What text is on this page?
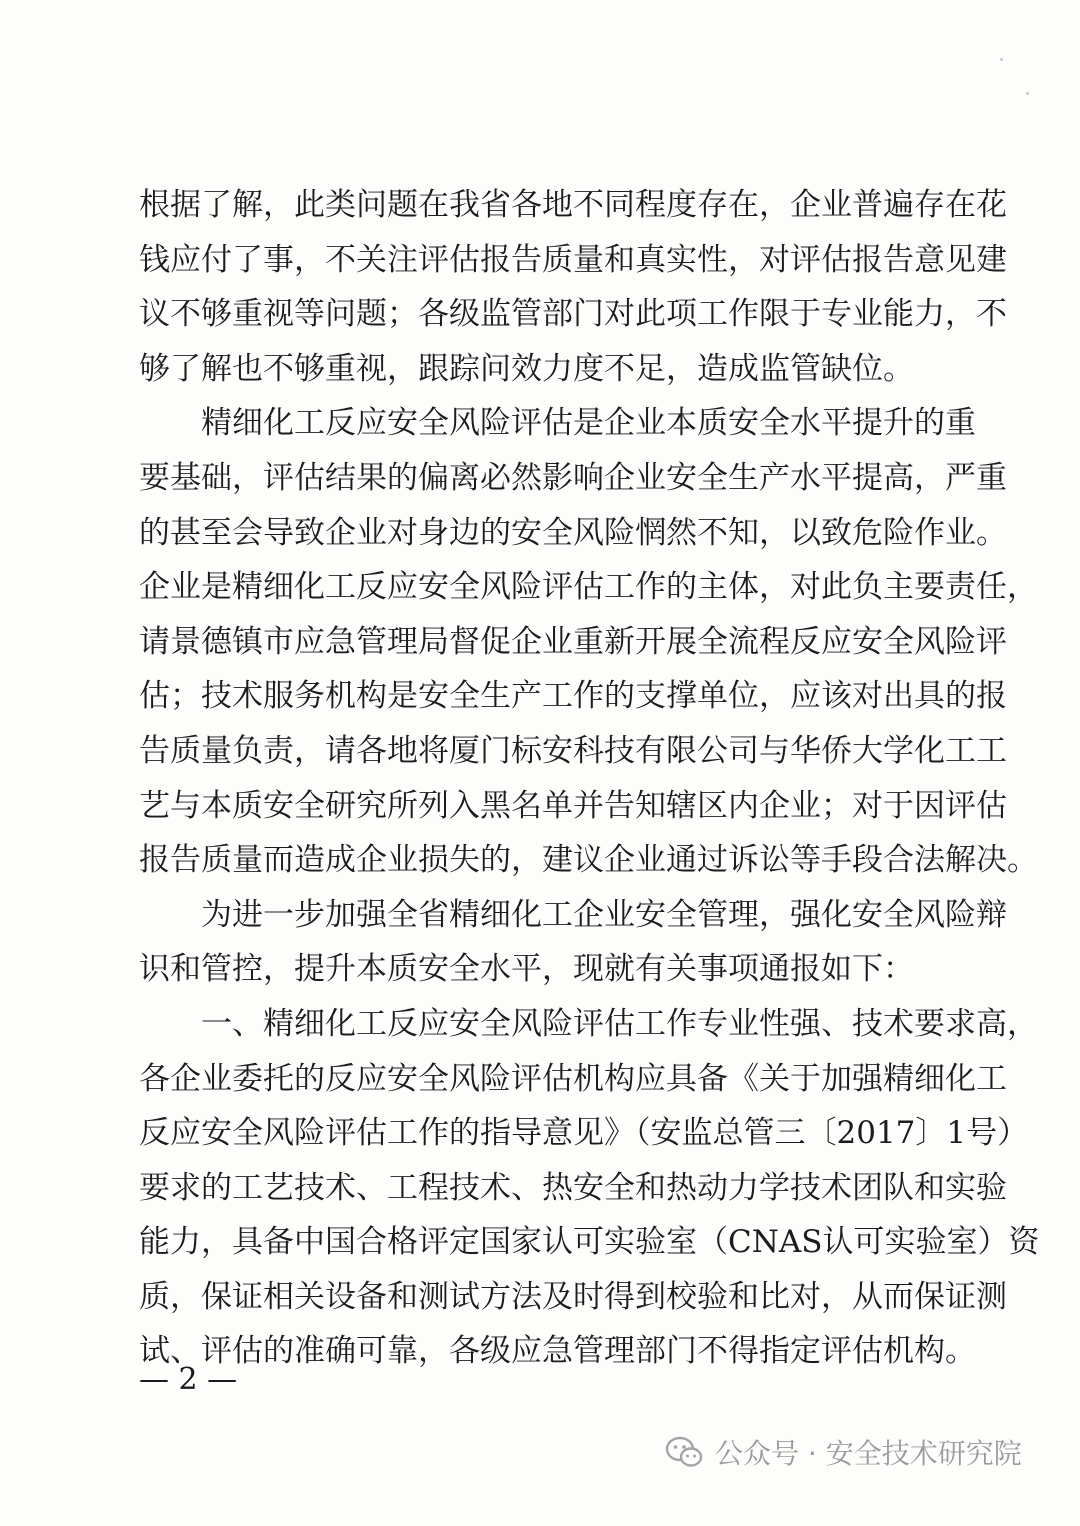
根据了解，此类问题在我省各地不同程度存在，企业普遍存在花
钱应付了事，不关注评估报告质量和真实性，对评估报告意见建
议不够重视等问题；各级监管部门对此项工作限于专业能力，不
够了解也不够重视，跟踪问效力度不足，造成监管缺位。
精细化工反应安全风险评估是企业本质安全水平提升的重
要基础，评估结果的偏离必然影响企业安全生产水平提高，严重
的甚至会导致企业对身边的安全风险惘然不知，以致危险作业。
企业是精细化工反应安全风险评估工作的主体，对此负主要责任，
请景德镇市应急管理局督促企业重新开展全流程反应安全风险评
估；技术服务机构是安全生产工作的支撑单位，应该对出具的报
告质量负责，请各地将厦门标安科技有限公司与华侨大学化工工
艺与本质安全研究所列入黑名单并告知辖区内企业；对于因评估
报告质量而造成企业损失的，建议企业通过诉讼等手段合法解决。
为进一步加强全省精细化工企业安全管理，强化安全风险辩
识和管控，提升本质安全水平，现就有关事项通报如下：
一、精细化工反应安全风险评估工作专业性强、技术要求高，
各企业委托的反应安全风险评估机构应具备《关于加强精细化工
反应安全风险评估工作的指导意见》（安监总管三〔2017〕1号）
要求的工艺技术、工程技术、热安全和热动力学技术团队和实验
能力，具备中国合格评定国家认可实验室（CNAS认可实验室）资
质，保证相关设备和测试方法及时得到校验和比对，从而保证测
试、评估的准确可靠，各级应急管理部门不得指定评估机构。
— 2 —
公众号 · 安全技术研究院
